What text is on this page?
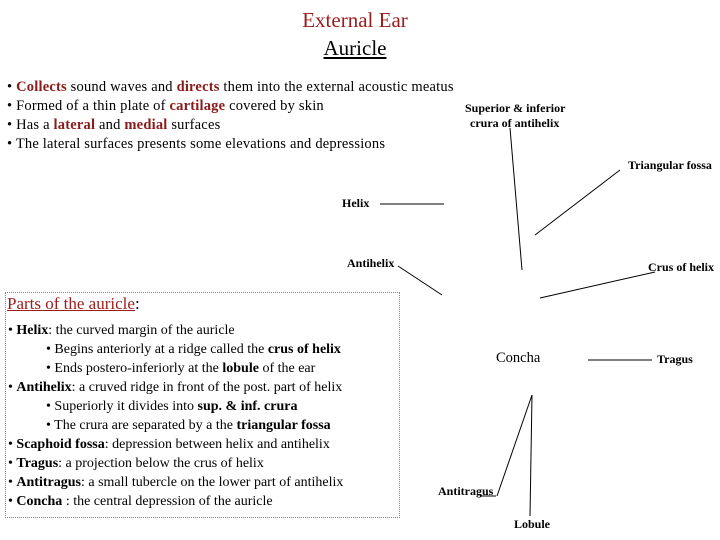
External Ear
Auricle
• Collects sound waves and directs them into the external acoustic meatus
• Formed of a thin plate of cartilage covered by skin
• Has a lateral and medial surfaces
• The lateral surfaces presents some elevations and depressions
Superior & inferior
crura of antihelix
Triangular fossa
Helix
Antihelix	Crus of helix
Concha	Tragus
Antitragus
Lobule
Parts of the auricle:
• Helix: the curved margin of the auricle
• Begins anteriorly at a ridge called the crus of helix
• Ends postero-inferiorly at the lobule of the ear
• Antihelix: a cruved ridge in front of the post. part of helix
• Superiorly it divides into sup. & inf. crura
• The crura are separated by a the triangular fossa
• Scaphoid fossa: depression between helix and antihelix
• Tragus: a projection below the crus of helix
• Antitragus: a small tubercle on the lower part of antihelix
• Concha : the central depression of the auricle
